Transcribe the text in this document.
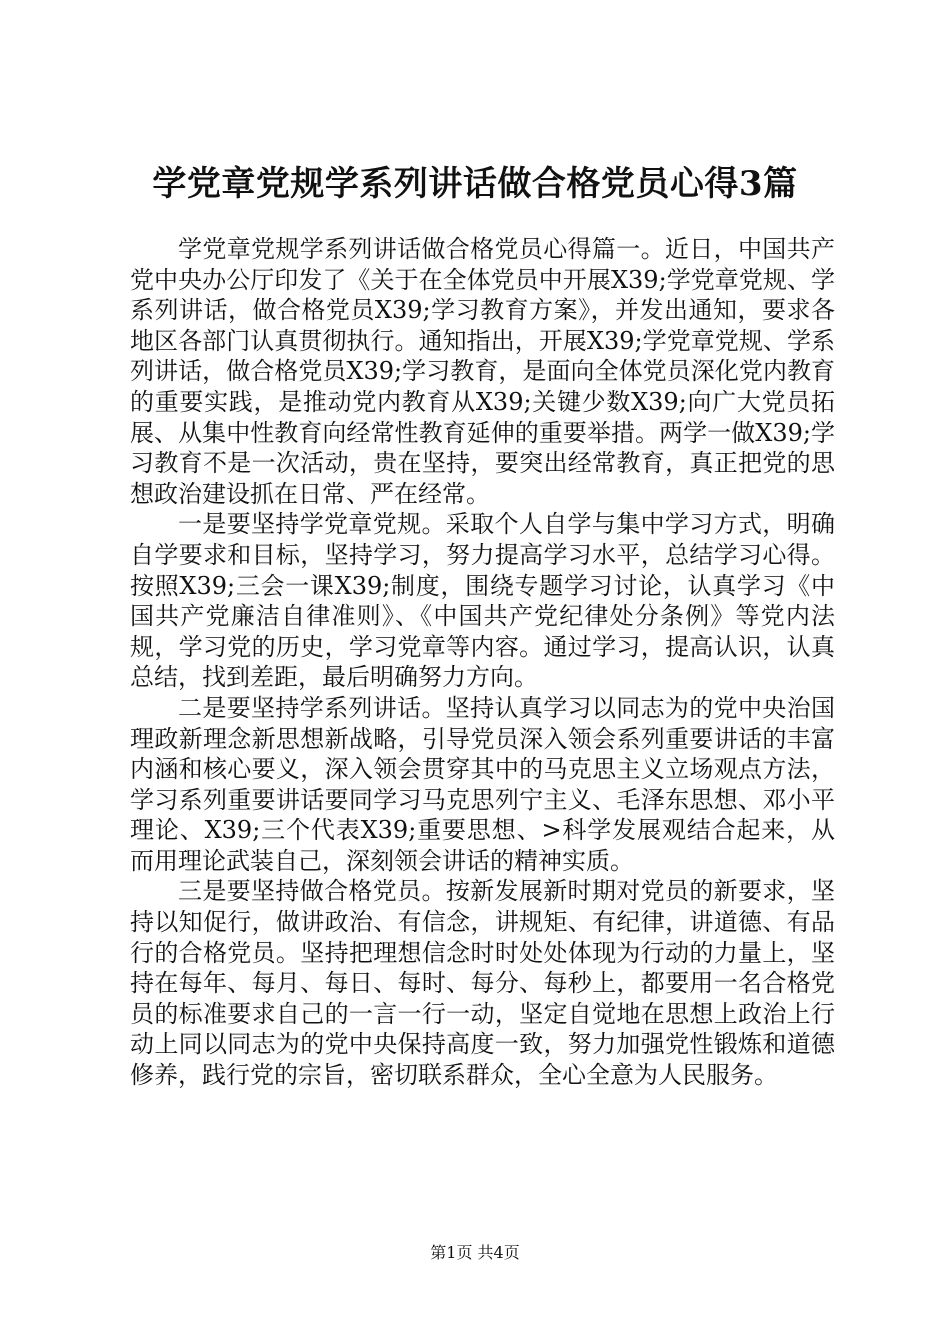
学党章党规学系列讲话做合格党员心得3篇

学党章党规学系列讲话做合格党员心得篇一。近日，中国共产党中央办公厅印发了《关于在全体党员中开展X39;学党章党规、学系列讲话，做合格党员X39;学习教育方案》，并发出通知，要求各地区各部门认真贯彻执行。通知指出，开展X39;学党章党规、学系列讲话，做合格党员X39;学习教育，是面向全体党员深化党内教育的重要实践，是推动党内教育从X39;关键少数X39;向广大党员拓展、从集中性教育向经常性教育延伸的重要举措。两学一做X39;学习教育不是一次活动，贵在坚持，要突出经常教育，真正把党的思想政治建设抓在日常、严在经常。

一是要坚持学党章党规。采取个人自学与集中学习方式，明确自学要求和目标，坚持学习，努力提高学习水平，总结学习心得。按照X39;三会一课X39;制度，围绕专题学习讨论，认真学习《中国共产党廉洁自律准则》、《中国共产党纪律处分条例》等党内法规，学习党的历史，学习党章等内容。通过学习，提高认识，认真总结，找到差距，最后明确努力方向。

二是要坚持学系列讲话。坚持认真学习以同志为的党中央治国理政新理念新思想新战略，引导党员深入领会系列重要讲话的丰富内涵和核心要义，深入领会贯穿其中的马克思主义立场观点方法，学习系列重要讲话要同学习马克思列宁主义、毛泽东思想、邓小平理论、X39;三个代表X39;重要思想、>科学发展观结合起来，从而用理论武装自己，深刻领会讲话的精神实质。

三是要坚持做合格党员。按新发展新时期对党员的新要求，坚持以知促行，做讲政治、有信念，讲规矩、有纪律，讲道德、有品行的合格党员。坚持把理想信念时时处处体现为行动的力量上，坚持在每年、每月、每日、每时、每分、每秒上，都要用一名合格党员的标准要求自己的一言一行一动，坚定自觉地在思想上政治上行动上同以同志为的党中央保持高度一致，努力加强党性锻炼和道德修养，践行党的宗旨，密切联系群众，全心全意为人民服务。

第1页 共4页
